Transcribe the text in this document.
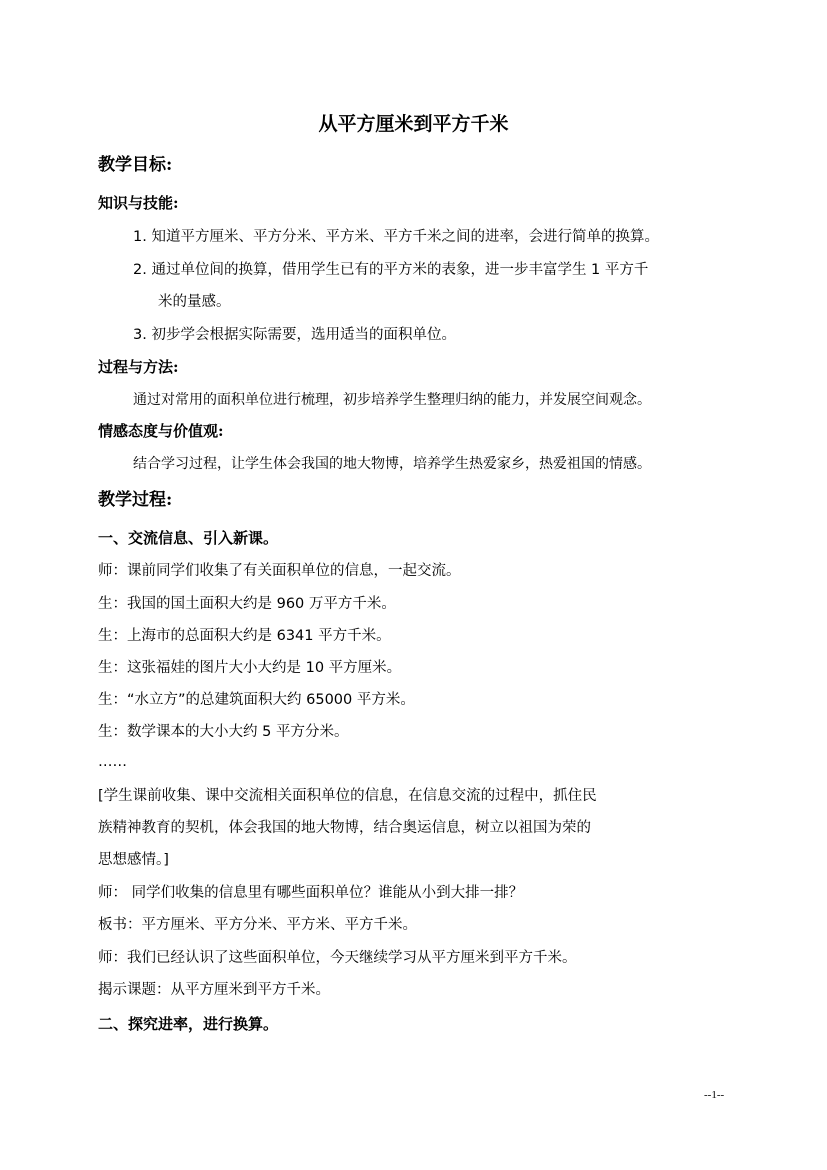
从平方厘米到平方千米
教学目标:
知识与技能:
1. 知道平方厘米、平方分米、平方米、平方千米之间的进率，会进行简单的换算。
2. 通过单位间的换算，借用学生已有的平方米的表象，进一步丰富学生 1 平方千
米的量感。
3. 初步学会根据实际需要，选用适当的面积单位。
过程与方法:
通过对常用的面积单位进行梳理，初步培养学生整理归纳的能力，并发展空间观念。
情感态度与价值观:
结合学习过程，让学生体会我国的地大物博，培养学生热爱家乡，热爱祖国的情感。
教学过程:
一、交流信息、引入新课。
师：课前同学们收集了有关面积单位的信息，一起交流。
生：我国的国土面积大约是 960 万平方千米。
生：上海市的总面积大约是 6341 平方千米。
生：这张福娃的图片大小大约是 10 平方厘米。
生：“水立方”的总建筑面积大约 65000 平方米。
生：数学课本的大小大约 5 平方分米。
……
[学生课前收集、课中交流相关面积单位的信息，在信息交流的过程中，抓住民
族精神教育的契机，体会我国的地大物博，结合奥运信息，树立以祖国为荣的
思想感情。]
师： 同学们收集的信息里有哪些面积单位？谁能从小到大排一排？
板书：平方厘米、平方分米、平方米、平方千米。
师：我们已经认识了这些面积单位，今天继续学习从平方厘米到平方千米。
揭示课题：从平方厘米到平方千米。
二、探究进率，进行换算。
--1--
